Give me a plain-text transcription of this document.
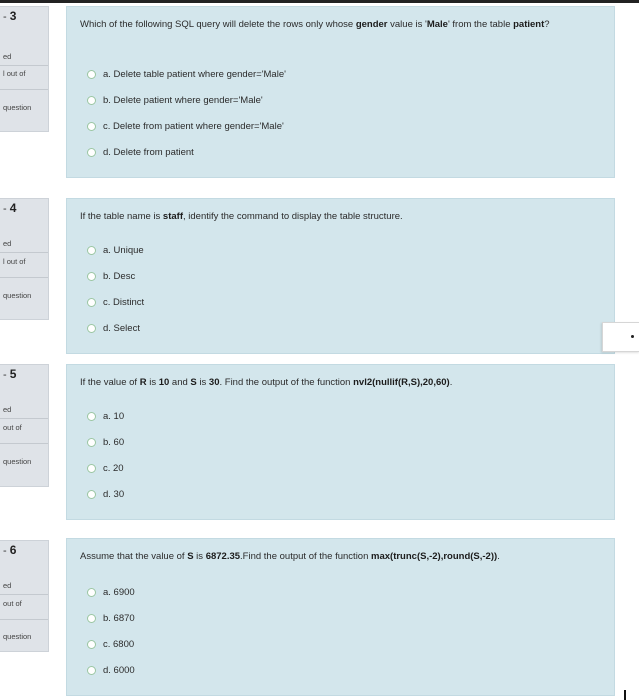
- 3
ed
l out of
question
Which of the following SQL query will delete the rows only whose gender value is 'Male' from the table patient?
a. Delete table patient where gender='Male'
b. Delete patient where gender='Male'
c. Delete from patient where gender='Male'
d. Delete from patient
- 4
ed
l out of
question
If the table name is staff, identify the command to display the table structure.
a. Unique
b. Desc
c. Distinct
d. Select
- 5
ed
out of
question
If the value of R is 10 and S is 30. Find the output of the function nvl2(nullif(R,S),20,60).
a. 10
b. 60
c. 20
d. 30
- 6
ed
out of
question
Assume that the value of S is 6872.35.Find the output of the function max(trunc(S,-2),round(S,-2)).
a. 6900
b. 6870
c. 6800
d. 6000
